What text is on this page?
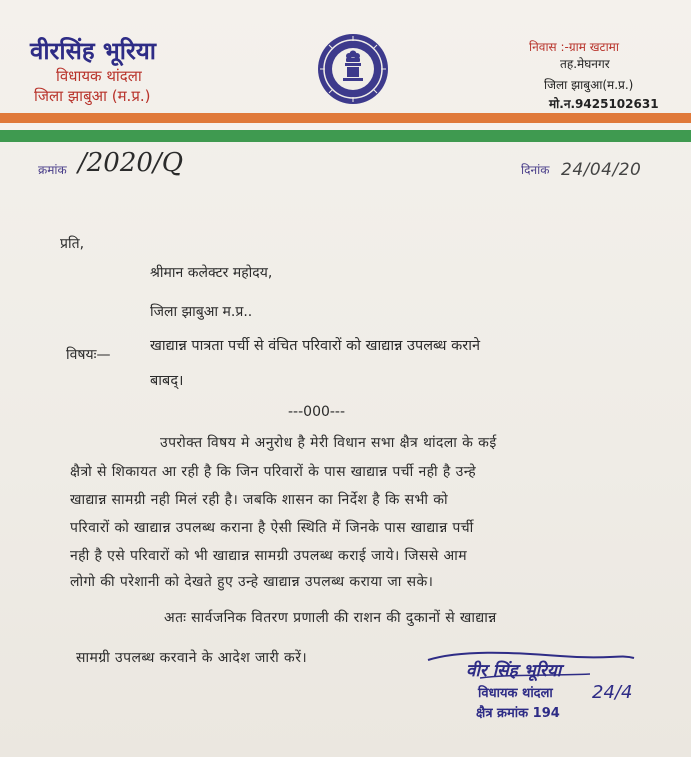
वीरसिंह भूरिया
विधायक थांदला
जिला झाबुआ (म.प्र.)
निवास :-ग्राम खटामा
तह.मेघनगर
जिला झाबुआ(म.प्र.)
मो.न.9425102631
क्रमांक /2020/Q	दिनांक 24/04/20
प्रति,
श्रीमान कलेक्टर महोदय,
जिला झाबुआ म.प्र..
विषयः—
खाद्यान्न पात्रता पर्ची से वंचित परिवारों को खाद्यान्न उपलब्ध कराने
बाबद्।
---000---
उपरोक्त विषय मे अनुरोध है मेरी विधान सभा क्षैत्र थांदला के कई
क्षैत्रो से शिकायत आ रही है कि जिन परिवारों के पास खाद्यान्न पर्ची नही है उन्हे
खाद्यान्न सामग्री नही मिलं रही है। जबकि शासन का निर्देश है कि सभी को
परिवारों को खाद्यान्न उपलब्ध कराना है ऐसी स्थिति में जिनके पास खाद्यान्न पर्ची
नही है एसे परिवारों को भी खाद्यान्न सामग्री उपलब्ध कराई जाये। जिससे आम
लोगो की परेशानी को देखते हुए उन्हे खाद्यान्न उपलब्ध कराया जा सके।
अतः सार्वजनिक वितरण प्रणाली की राशन की दुकानों से खाद्यान्न
सामग्री उपलब्ध करवाने के आदेश जारी करें।
वीर सिंह भूरिया
विधायक थांदला
क्षैत्र क्रमांक 194
24/4
